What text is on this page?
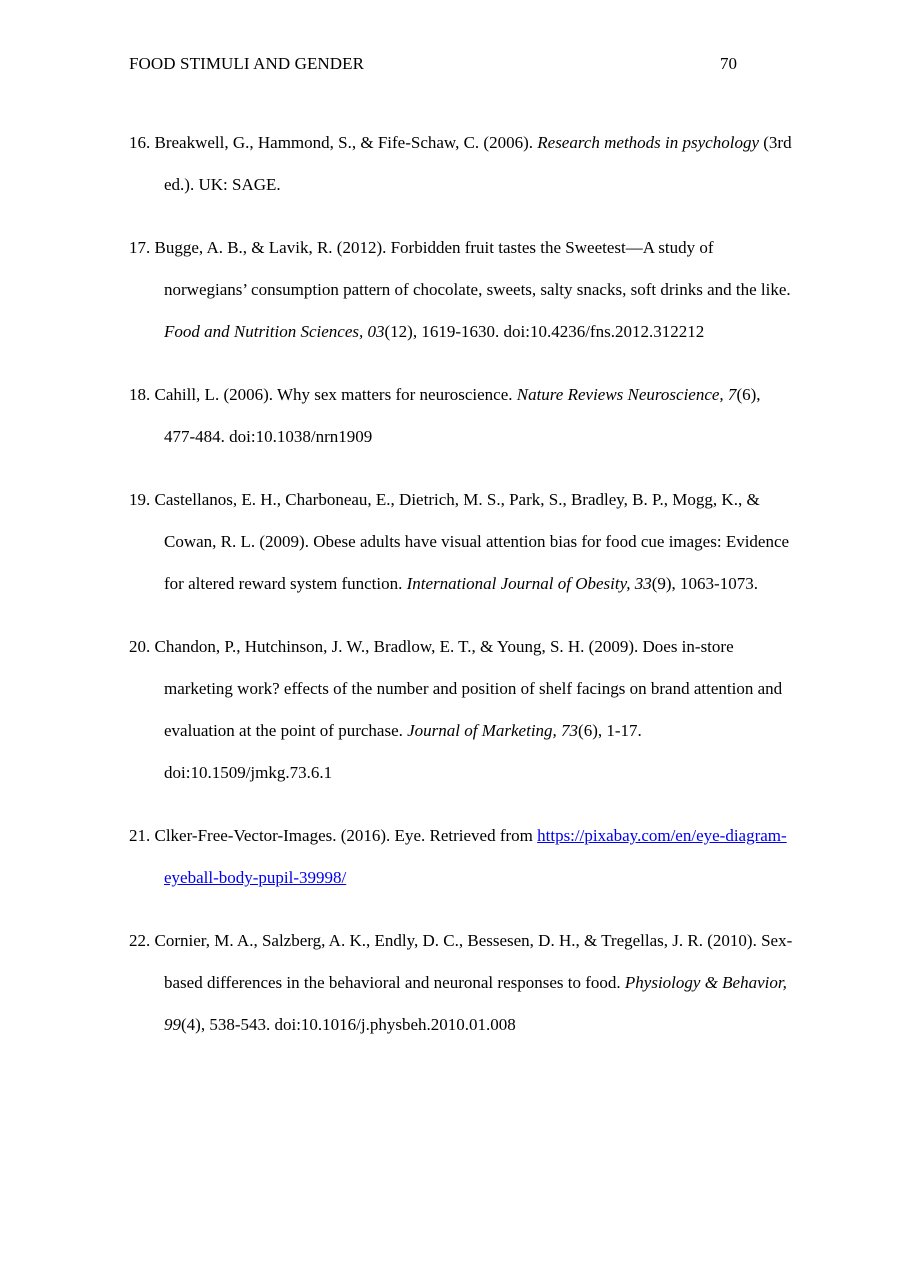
FOOD STIMULI AND GENDER	70
16. Breakwell, G., Hammond, S., & Fife-Schaw, C. (2006). Research methods in psychology (3rd ed.). UK: SAGE.
17. Bugge, A. B., & Lavik, R. (2012). Forbidden fruit tastes the Sweetest—A study of norwegians’ consumption pattern of chocolate, sweets, salty snacks, soft drinks and the like. Food and Nutrition Sciences, 03(12), 1619-1630. doi:10.4236/fns.2012.312212
18. Cahill, L. (2006). Why sex matters for neuroscience. Nature Reviews Neuroscience, 7(6), 477-484. doi:10.1038/nrn1909
19. Castellanos, E. H., Charboneau, E., Dietrich, M. S., Park, S., Bradley, B. P., Mogg, K., & Cowan, R. L. (2009). Obese adults have visual attention bias for food cue images: Evidence for altered reward system function. International Journal of Obesity, 33(9), 1063-1073.
20. Chandon, P., Hutchinson, J. W., Bradlow, E. T., & Young, S. H. (2009). Does in-store marketing work? effects of the number and position of shelf facings on brand attention and evaluation at the point of purchase. Journal of Marketing, 73(6), 1-17. doi:10.1509/jmkg.73.6.1
21. Clker-Free-Vector-Images. (2016). Eye. Retrieved from https://pixabay.com/en/eye-diagram-eyeball-body-pupil-39998/
22. Cornier, M. A., Salzberg, A. K., Endly, D. C., Bessesen, D. H., & Tregellas, J. R. (2010). Sex-based differences in the behavioral and neuronal responses to food. Physiology & Behavior, 99(4), 538-543. doi:10.1016/j.physbeh.2010.01.008
